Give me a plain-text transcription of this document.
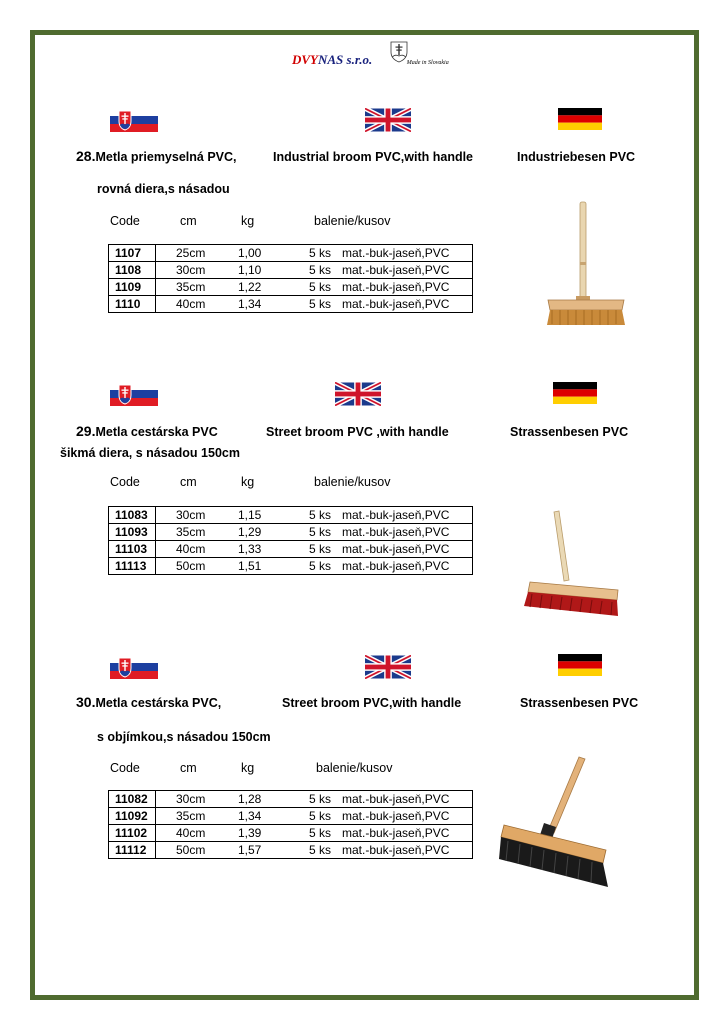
DVYNAS s.r.o.	Made in Slovakia
28.Metla priemyselná PVC,	Industrial broom PVC,with handle	Industriebesen PVC
rovná diera,s násadou
Code	cm	kg	balenie/kusov
1107	25cm	1,00	5 ks	mat.-buk-jaseň,PVC
1108	30cm	1,10	5 ks	mat.-buk-jaseň,PVC
1109	35cm	1,22	5 ks	mat.-buk-jaseň,PVC
1110	40cm	1,34	5 ks	mat.-buk-jaseň,PVC
29.Metla cestárska PVC	Street broom PVC ,with handle	Strassenbesen PVC
šikmá diera, s násadou 150cm
Code	cm	kg	balenie/kusov
11083	30cm	1,15	5 ks	mat.-buk-jaseň,PVC
11093	35cm	1,29	5 ks	mat.-buk-jaseň,PVC
11103	40cm	1,33	5 ks	mat.-buk-jaseň,PVC
11113	50cm	1,51	5 ks	mat.-buk-jaseň,PVC
30.Metla cestárska PVC,	Street broom PVC,with handle	Strassenbesen PVC
s objímkou,s násadou 150cm
Code	cm	kg	balenie/kusov
11082	30cm	1,28	5 ks	mat.-buk-jaseň,PVC
11092	35cm	1,34	5 ks	mat.-buk-jaseň,PVC
11102	40cm	1,39	5 ks	mat.-buk-jaseň,PVC
11112	50cm	1,57	5 ks	mat.-buk-jaseň,PVC
